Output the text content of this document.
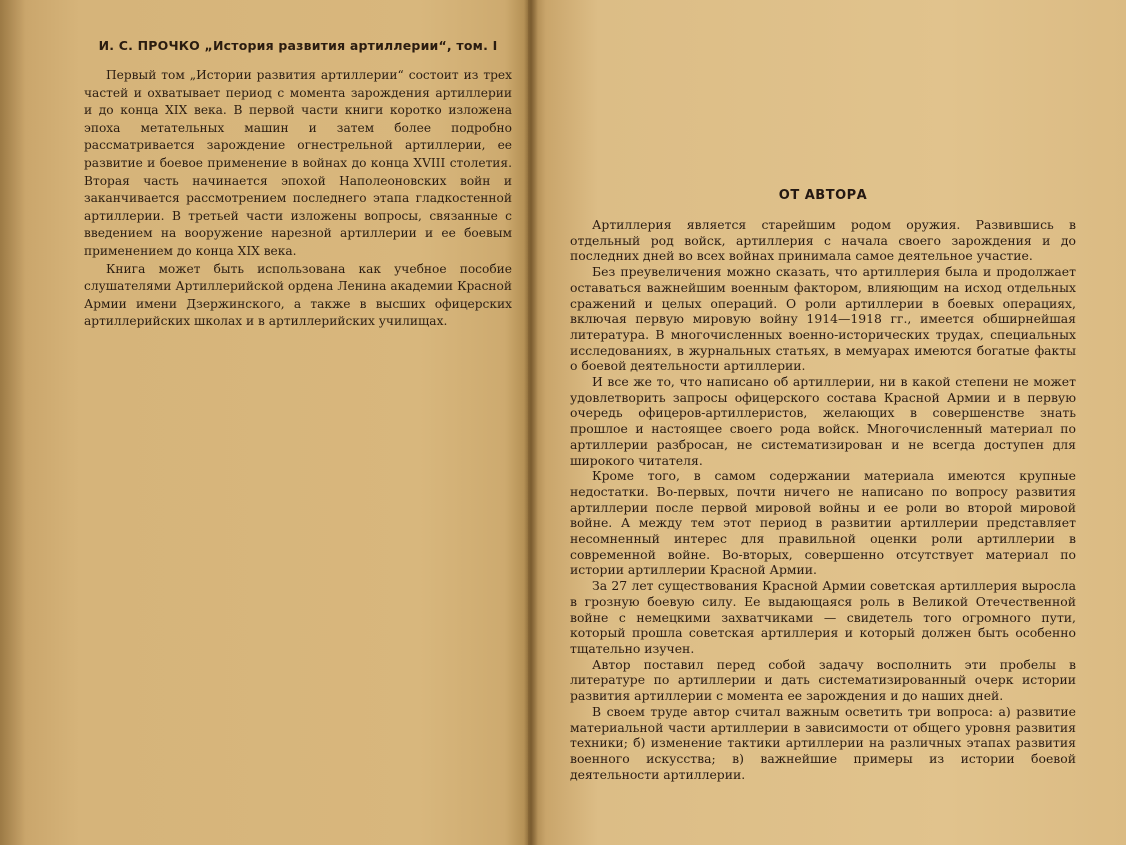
И. С. ПРОЧКО „История развития артиллерии“, том. I

Первый том „Истории развития артиллерии“ состоит из трех частей и охватывает период с момента зарождения артиллерии и до конца XIX века. В первой части книги коротко изложена эпоха метательных машин и затем более подробно рассматривается зарождение огнестрельной артиллерии, ее развитие и боевое применение в войнах до конца XVIII столетия. Вторая часть начинается эпохой Наполеоновских войн и заканчивается рассмотрением последнего этапа гладкостенной артиллерии. В третьей части изложены вопросы, связанные с введением на вооружение нарезной артиллерии и ее боевым применением до конца XIX века.

Книга может быть использована как учебное пособие слушателями Артиллерийской ордена Ленина академии Красной Армии имени Дзержинского, а также в высших офицерских артиллерийских школах и в артиллерийских училищах.

ОТ АВТОРА

Артиллерия является старейшим родом оружия. Развившись в отдельный род войск, артиллерия с начала своего зарождения и до последних дней во всех войнах принимала самое деятельное участие.

Без преувеличения можно сказать, что артиллерия была и продолжает оставаться важнейшим военным фактором, влияющим на исход отдельных сражений и целых операций. О роли артиллерии в боевых операциях, включая первую мировую войну 1914—1918 гг., имеется обширнейшая литература. В многочисленных военно-исторических трудах, специальных исследованиях, в журнальных статьях, в мемуарах имеются богатые факты о боевой деятельности артиллерии.

И все же то, что написано об артиллерии, ни в какой степени не может удовлетворить запросы офицерского состава Красной Армии и в первую очередь офицеров-артиллеристов, желающих в совершенстве знать прошлое и настоящее своего рода войск. Многочисленный материал по артиллерии разбросан, не систематизирован и не всегда доступен для широкого читателя.

Кроме того, в самом содержании материала имеются крупные недостатки. Во-первых, почти ничего не написано по вопросу развития артиллерии после первой мировой войны и ее роли во второй мировой войне. А между тем этот период в развитии артиллерии представляет несомненный интерес для правильной оценки роли артиллерии в современной войне. Во-вторых, совершенно отсутствует материал по истории артиллерии Красной Армии.

За 27 лет существования Красной Армии советская артиллерия выросла в грозную боевую силу. Ее выдающаяся роль в Великой Отечественной войне с немецкими захватчиками — свидетель того огромного пути, который прошла советская артиллерия и который должен быть особенно тщательно изучен.

Автор поставил перед собой задачу восполнить эти пробелы в литературе по артиллерии и дать систематизированный очерк истории развития артиллерии с момента ее зарождения и до наших дней.

В своем труде автор считал важным осветить три вопроса: а) развитие материальной части артиллерии в зависимости от общего уровня развития техники; б) изменение тактики артиллерии на различных этапах развития военного искусства; в) важнейшие примеры из истории боевой деятельности артиллерии.
